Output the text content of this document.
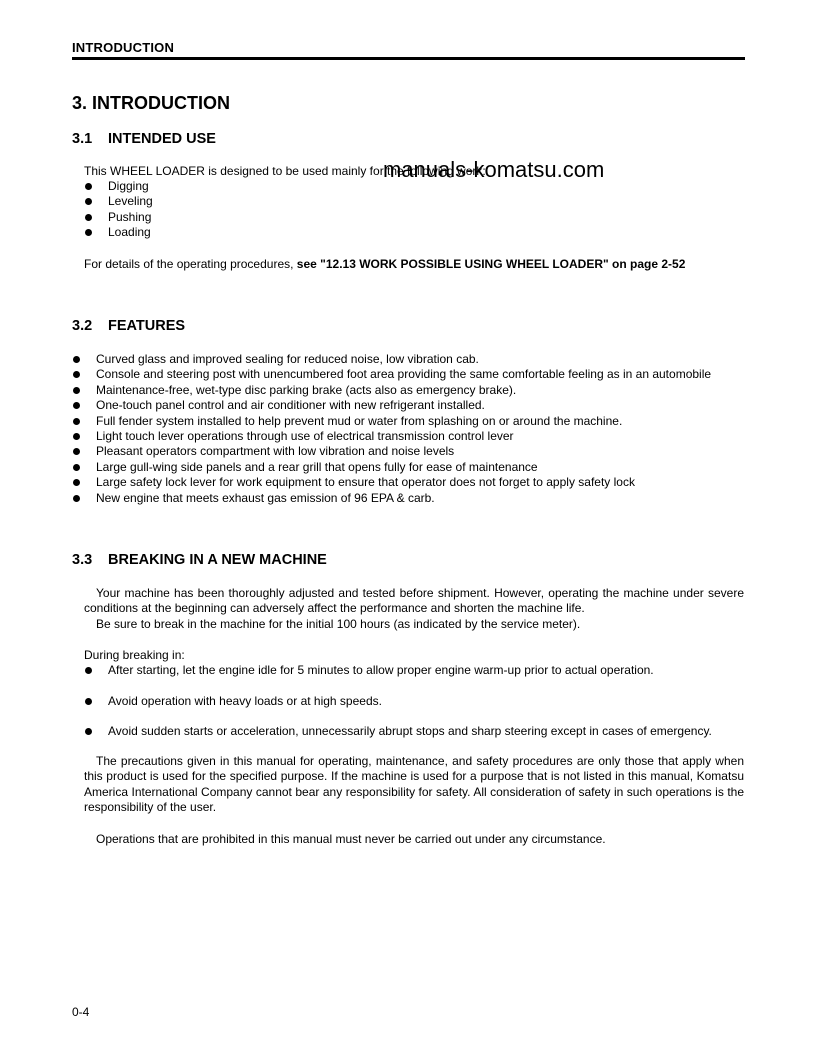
INTRODUCTION
3. INTRODUCTION
3.1 INTENDED USE

This WHEEL LOADER is designed to be used mainly for the following work:

manuals-komatsu.com
Digging
Leveling
Pushing
Loading

For details of the operating procedures, see "12.13 WORK POSSIBLE USING WHEEL LOADER" on page 2-52

3.2 FEATURES
Curved glass and improved sealing for reduced noise, low vibration cab.
Console and steering post with unencumbered foot area providing the same comfortable feeling as in an automobile
Maintenance-free, wet-type disc parking brake (acts also as emergency brake).
One-touch panel control and air conditioner with new refrigerant installed.
Full fender system installed to help prevent mud or water from splashing on or around the machine.
Light touch lever operations through use of electrical transmission control lever
Pleasant operators compartment with low vibration and noise levels
Large gull-wing side panels and a rear grill that opens fully for ease of maintenance
Large safety lock lever for work equipment to ensure that operator does not forget to apply safety lock
New engine that meets exhaust gas emission of 96 EPA & carb.
3.3 BREAKING IN A NEW MACHINE

Your machine has been thoroughly adjusted and tested before shipment. However, operating the machine under severe conditions at the beginning can adversely affect the performance and shorten the machine life.

Be sure to break in the machine for the initial 100 hours (as indicated by the service meter).

During breaking in:

After starting, let the engine idle for 5 minutes to allow proper engine warm-up prior to actual operation.
Avoid operation with heavy loads or at high speeds.
Avoid sudden starts or acceleration, unnecessarily abrupt stops and sharp steering except in cases of emergency.

The precautions given in this manual for operating, maintenance, and safety procedures are only those that apply when this product is used for the specified purpose. If the machine is used for a purpose that is not listed in this manual, Komatsu America International Company cannot bear any responsibility for safety. All consideration of safety in such operations is the responsibility of the user.

Operations that are prohibited in this manual must never be carried out under any circumstance.

0-4
